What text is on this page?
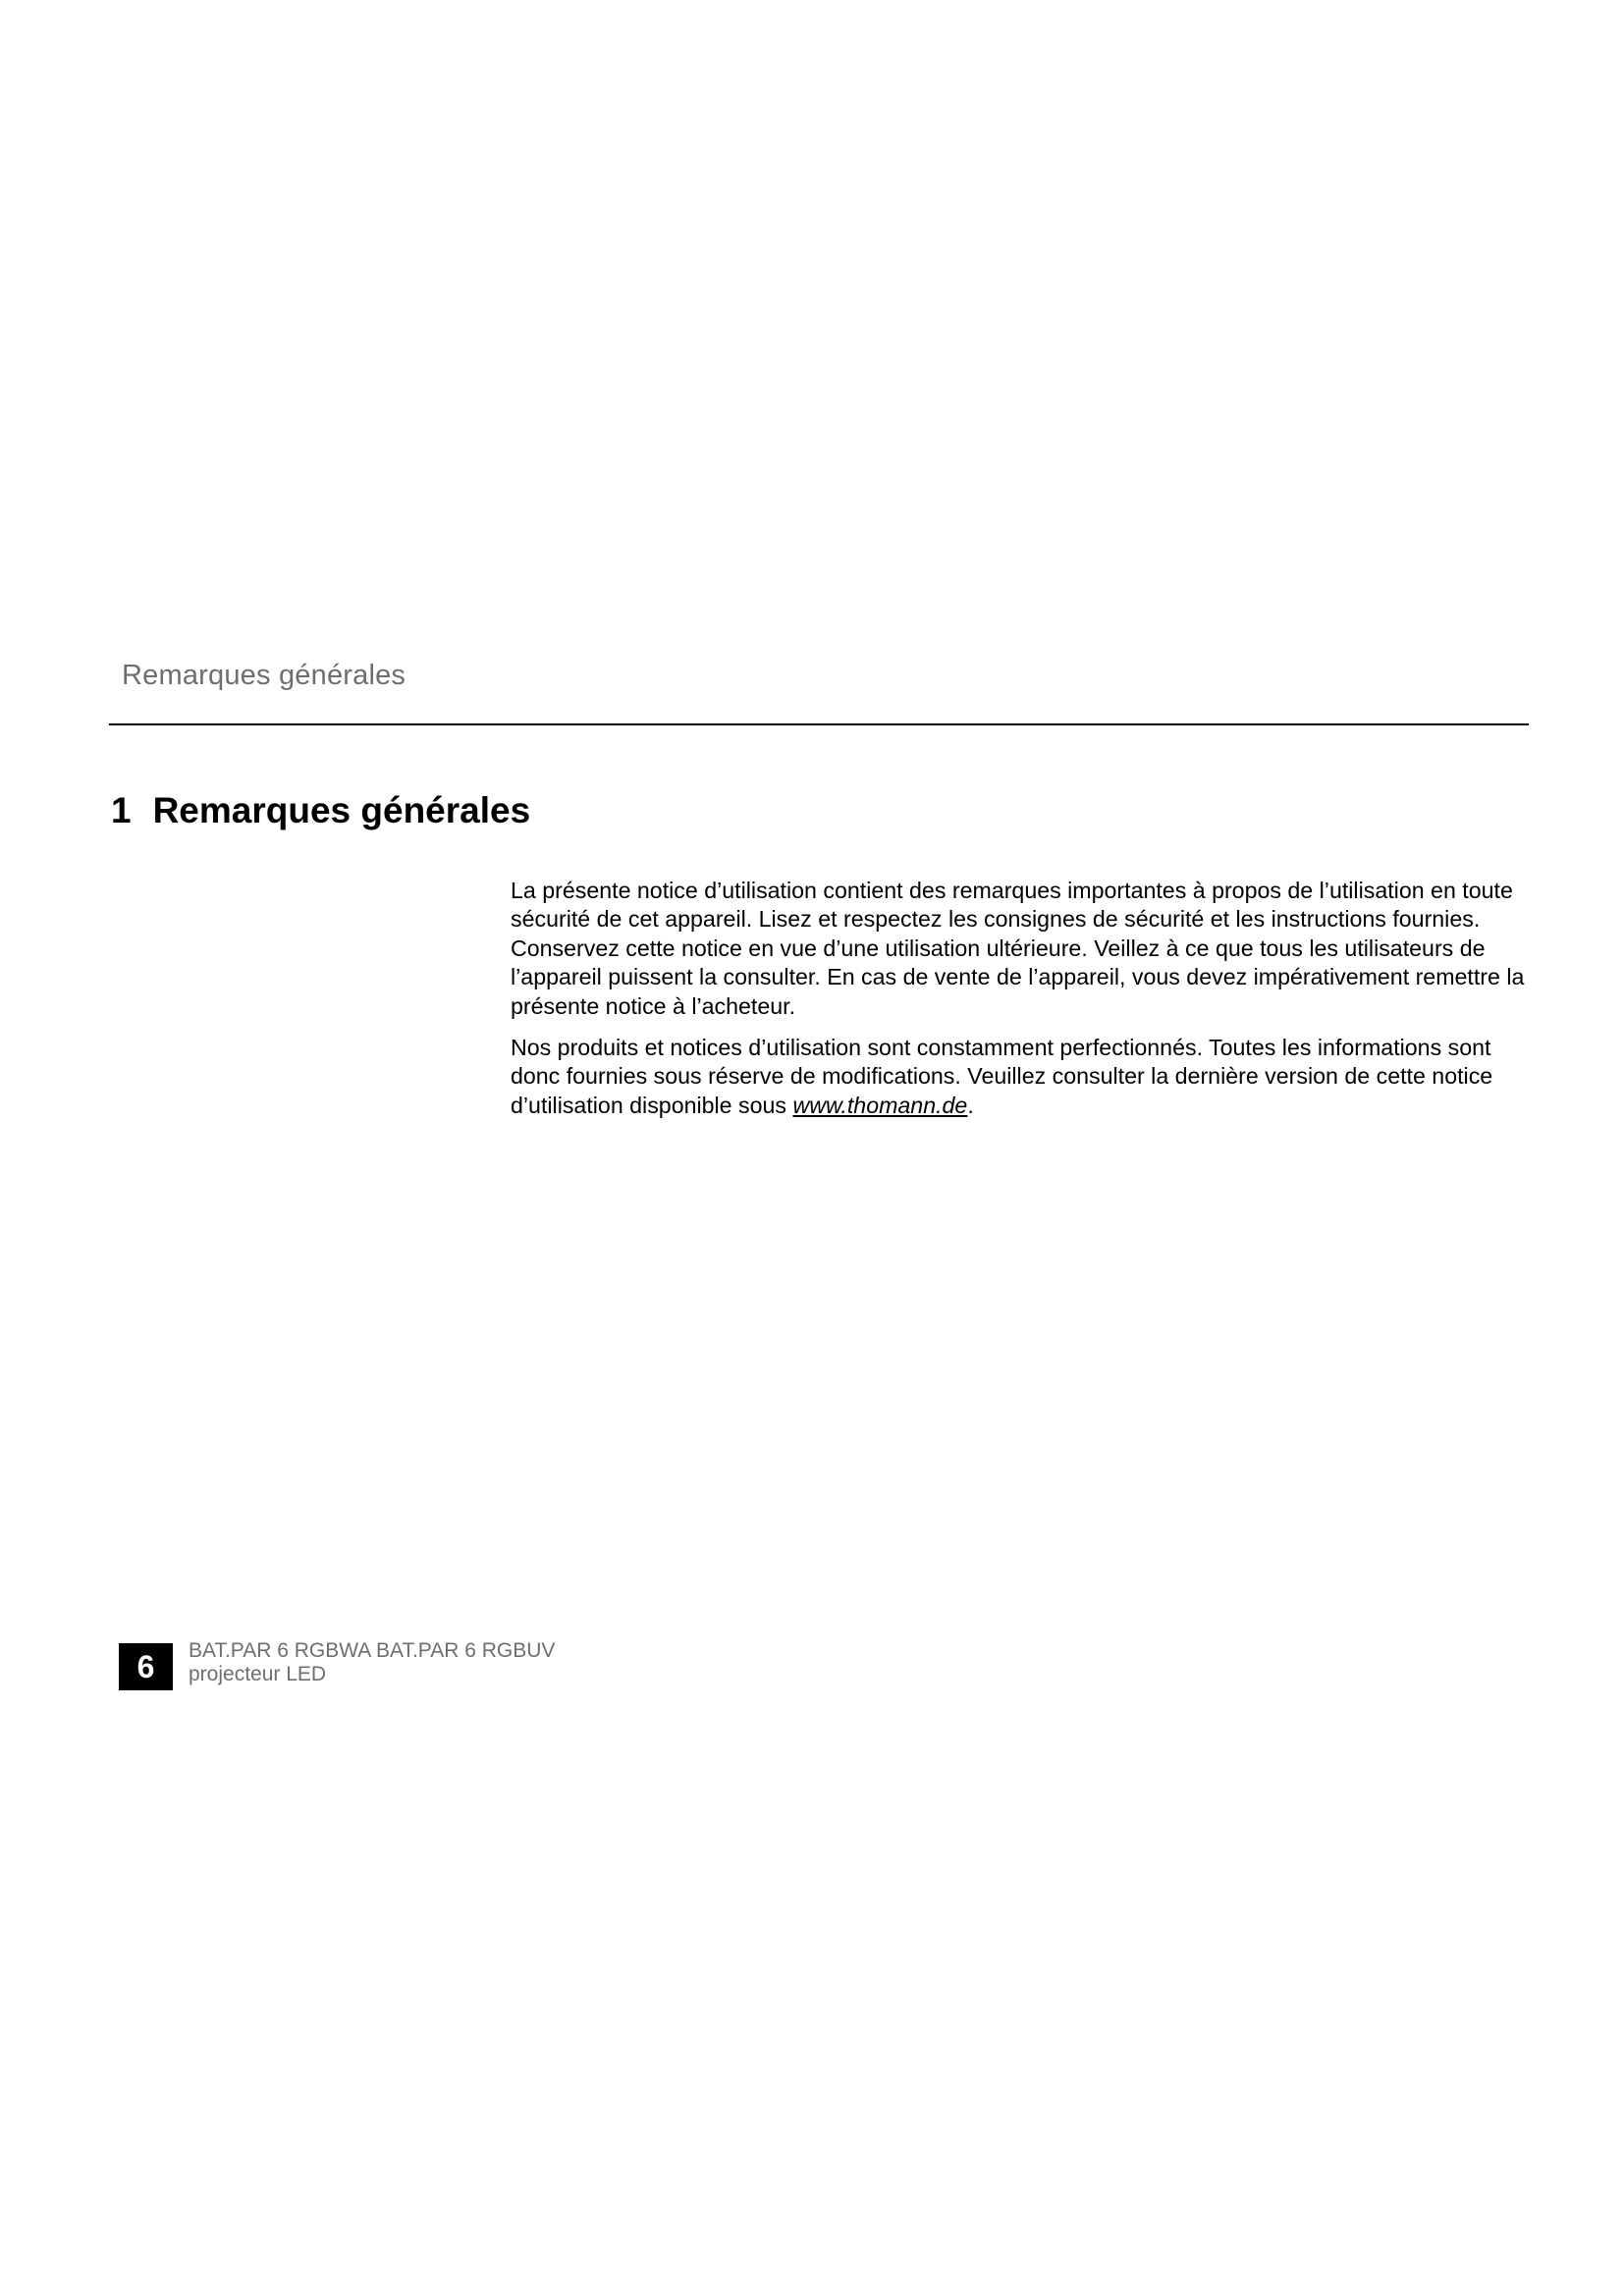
Remarques générales
1 Remarques générales

La présente notice d’utilisation contient des remarques importantes à propos de l’utilisation en toute sécurité de cet appareil. Lisez et respectez les consignes de sécurité et les instructions fournies. Conservez cette notice en vue d’une utilisation ultérieure. Veillez à ce que tous les utilisateurs de l’appareil puissent la consulter. En cas de vente de l’appareil, vous devez impérativement remettre la présente notice à l’acheteur.

Nos produits et notices d’utilisation sont constamment perfectionnés. Toutes les informations sont donc fournies sous réserve de modifications. Veuillez consulter la dernière version de cette notice d’utilisation disponible sous www.thomann.de.

6	BAT.PAR 6 RGBWA BAT.PAR 6 RGBUV
projecteur LED
